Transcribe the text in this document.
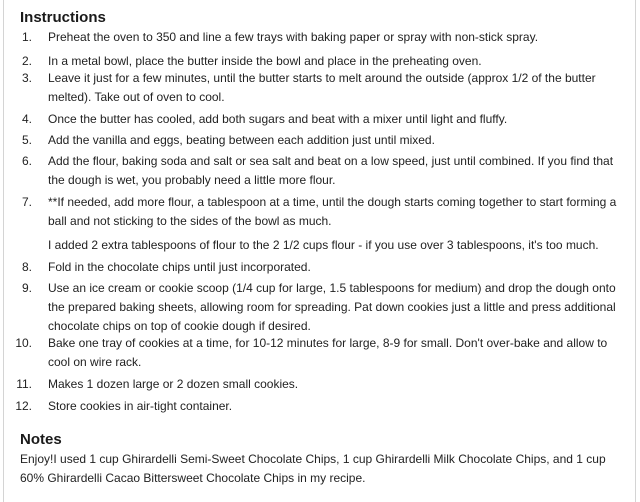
Instructions
1. Preheat the oven to 350 and line a few trays with baking paper or spray with non-stick spray.
2. In a metal bowl, place the butter inside the bowl and place in the preheating oven.
3. Leave it just for a few minutes, until the butter starts to melt around the outside (approx 1/2 of the butter melted). Take out of oven to cool.
4. Once the butter has cooled, add both sugars and beat with a mixer until light and fluffy.
5. Add the vanilla and eggs, beating between each addition just until mixed.
6. Add the flour, baking soda and salt or sea salt and beat on a low speed, just until combined. If you find that the dough is wet, you probably need a little more flour.
7. **If needed, add more flour, a tablespoon at a time, until the dough starts coming together to start forming a ball and not sticking to the sides of the bowl as much.
I added 2 extra tablespoons of flour to the 2 1/2 cups flour - if you use over 3 tablespoons, it's too much.
8. Fold in the chocolate chips until just incorporated.
9. Use an ice cream or cookie scoop (1/4 cup for large, 1.5 tablespoons for medium) and drop the dough onto the prepared baking sheets, allowing room for spreading. Pat down cookies just a little and press additional chocolate chips on top of cookie dough if desired.
10. Bake one tray of cookies at a time, for 10-12 minutes for large, 8-9 for small. Don't over-bake and allow to cool on wire rack.
11. Makes 1 dozen large or 2 dozen small cookies.
12. Store cookies in air-tight container.
Notes
Enjoy!I used 1 cup Ghirardelli Semi-Sweet Chocolate Chips, 1 cup Ghirardelli Milk Chocolate Chips, and 1 cup 60% Ghirardelli Cacao Bittersweet Chocolate Chips in my recipe.
